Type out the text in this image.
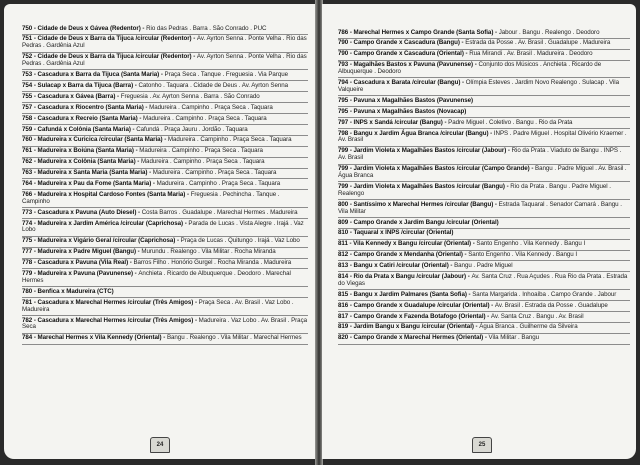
750 - Cidade de Deus x Gávea (Redentor) - Rio das Pedras . Barra . São Conrado . PUC
751 - Cidade de Deus x Barra da Tijuca /circular (Redentor) - Av. Ayrton Senna . Ponte Velha . Rio das Pedras . Gardênia Azul
752 - Cidade de Deus x Barra da Tijuca /circular (Redentor) - Av. Ayrton Senna . Ponte Velha . Rio das Pedras . Gardênia Azul
753 - Cascadura x Barra da Tijuca (Santa Maria) - Praça Seca . Tanque . Freguesia . Via Parque
754 - Sulacap x Barra da Tijuca (Barra) - Catonho . Taquara . Cidade de Deus . Av. Ayrton Senna
755 - Cascadura x Gávea (Barra) - Freguesia . Av. Ayrton Senna . Barra . São Conrado
757 - Cascadura x Riocentro (Santa Maria) - Madureira . Campinho . Praça Seca . Taquara
758 - Cascadura x Recreio (Santa Maria) - Madureira . Campinho . Praça Seca . Taquara
759 - Cafundá x Colônia (Santa Maria) - Cafundá . Praça Jauru . Jordão . Taquara
760 - Madureira x Curicica /circular (Santa Maria) - Madureira . Campinho . Praça Seca . Taquara
761 - Madureira x Boiúna (Santa Maria) - Madureira . Campinho . Praça Seca . Taquara
762 - Madureira x Colônia (Santa Maria) - Madureira . Campinho . Praça Seca . Taquara
763 - Madureira x Santa Maria (Santa Maria) - Madureira . Campinho . Praça Seca . Taquara
764 - Madureira x Pau da Fome (Santa Maria) - Madureira . Campinho . Praça Seca . Taquara
766 - Madureira x Hospital Cardoso Fontes (Santa Maria) - Freguesia . Pechincha . Tanque . Campinho
773 - Cascadura x Pavuna (Auto Diesel) - Costa Barros . Guadalupe . Marechal Hermes . Madureira
774 - Madureira x Jardim América /circular (Caprichosa) - Parada de Lucas . Vista Alegre . Irajá . Vaz Lobo
775 - Madureira x Vigário Geral /circular (Caprichosa) - Praça de Lucas . Quitungo . Irajá . Vaz Lobo
777 - Madureira x Padre Miguel (Bangu) - Murundu . Realengo . Vila Militar . Rocha Miranda
778 - Cascadura x Pavuna (Vila Real) - Barros Filho . Honório Gurgel . Rocha Miranda . Madureira
779 - Madureira x Pavuna (Pavunense) - Anchieta . Ricardo de Albuquerque . Deodoro . Marechal Hermes
780 - Benfica x Madureira (CTC)
781 - Cascadura x Marechal Hermes /circular (Três Amigos) - Praça Seca . Av. Brasil . Vaz Lobo . Madureira
782 - Cascadura x Marechal Hermes /circular (Três Amigos) - Madureira . Vaz Lobo . Av. Brasil . Praça Seca
784 - Marechal Hermes x Vila Kennedy (Oriental) - Bangu . Realengo . Vila Militar . Marechal Hermes
24
786 - Marechal Hermes x Campo Grande (Santa Sofia) - Jabour . Bangu . Realengo . Deodoro
790 - Campo Grande x Cascadura (Bangu) - Estrada da Posse . Av. Brasil . Guadalupe . Madureira
790 - Campo Grande x Cascadura (Oriental) - Rua Mirandi . Av. Brasil . Madureira . Deodoro
793 - Magalhães Bastos x Pavuna (Pavunense) - Conjunto dos Músicos . Anchieta . Ricardo de Albuquerque . Deodoro
794 - Cascadura x Barata /circular (Bangu) - Olímpia Esteves . Jardim Novo Realengo . Sulacap . Vila Valqueire
795 - Pavuna x Magalhães Bastos (Pavunense)
795 - Pavuna x Magalhães Bastos (Novacap)
797 - INPS x Sandá /circular (Bangu) - Padre Miguel . Coletivo . Bangu . Rio da Prata
798 - Bangu x Jardim Água Branca /circular (Bangu) - INPS . Padre Miguel . Hospital Olivério Kraemer . Av. Brasil
799 - Jardim Violeta x Magalhães Bastos /circular (Jabour) - Rio da Prata . Viaduto de Bangu . INPS . Av. Brasil
799 - Jardim Violeta x Magalhães Bastos /circular (Campo Grande) - Bangu . Padre Miguel . Av. Brasil . Água Branca
799 - Jardim Violeta x Magalhães Bastos /circular (Bangu) - Rio da Prata . Bangu . Padre Miguel . Realengo
800 - Santíssimo x Marechal Hermes /circular (Bangu) - Estrada Taquaral . Senador Camará . Bangu . Vila Militar
809 - Campo Grande x Jardim Bangu /circular (Oriental)
810 - Taquaral x INPS /circular (Oriental)
811 - Vila Kennedy x Bangu /circular (Oriental) - Santo Engenho . Vila Kennedy . Bangu I
812 - Campo Grande x Mendanha (Oriental) - Santo Engenho . Vila Kennedy . Bangu I
813 - Bangu x Catiri /circular (Oriental) - Bangu . Padre Miguel
814 - Rio da Prata x Bangu /circular (Jabour) - Av. Santa Cruz . Rua Açudes . Rua Rio da Prata . Estrada do Viegas
815 - Bangu x Jardim Palmares (Santa Sofia) - Santa Margarida . Inhoaíba . Campo Grande . Jabour
816 - Campo Grande x Guadalupe /circular (Oriental) - Av. Brasil . Estrada da Posse . Guadalupe
817 - Campo Grande x Fazenda Botafogo (Oriental) - Av. Santa Cruz . Bangu . Av. Brasil
819 - Jardim Bangu x Bangu /circular (Oriental) - Água Branca . Guilherme da Silveira
820 - Campo Grande x Marechal Hermes (Oriental) - Vila Militar . Bangu
25
